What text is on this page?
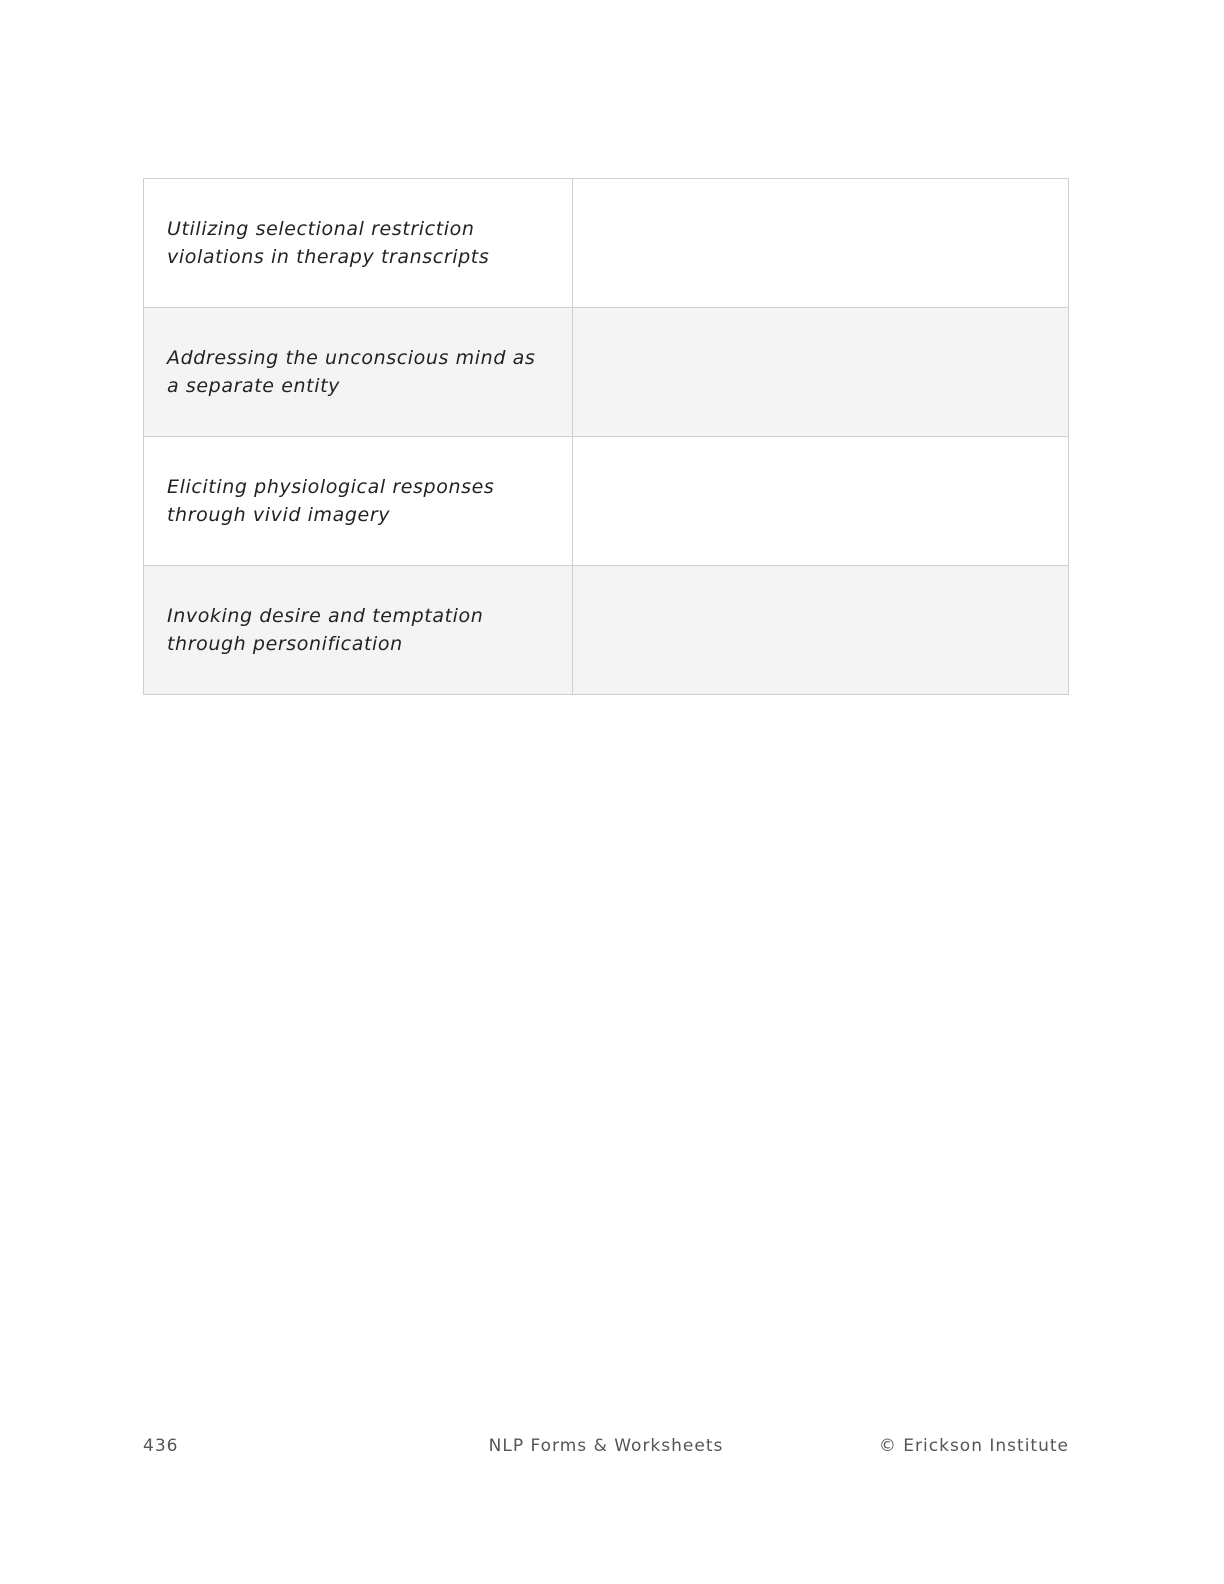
Utilizing selectional restriction violations in therapy transcripts	

Addressing the unconscious mind as a separate entity	

Eliciting physiological responses through vivid imagery	

Invoking desire and temptation through personification	

436	NLP Forms & Worksheets	© Erickson Institute
